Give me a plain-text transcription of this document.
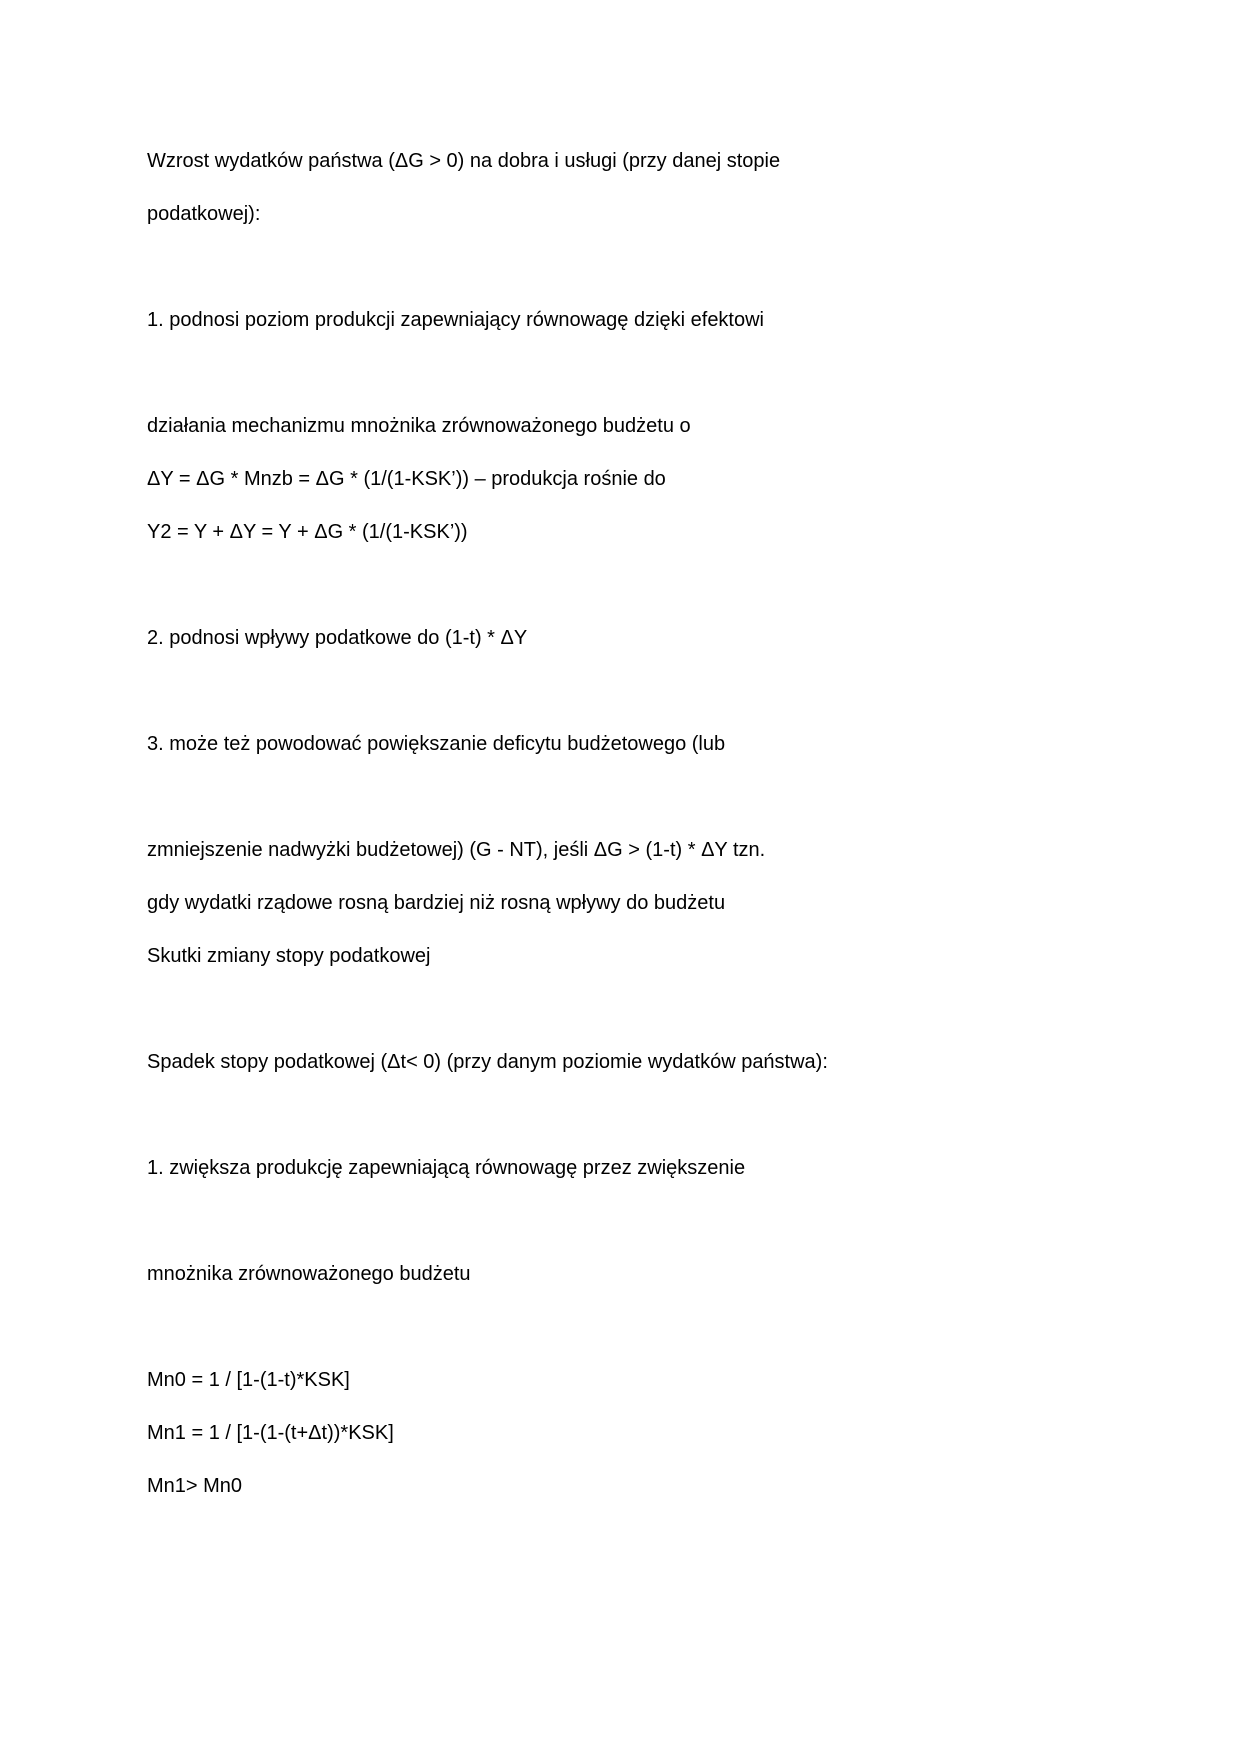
Wzrost wydatków państwa (ΔG > 0) na dobra i usługi (przy danej stopie
podatkowej):
1. podnosi poziom produkcji zapewniający równowagę dzięki efektowi
działania mechanizmu mnożnika zrównoważonego budżetu o
ΔY = ΔG * Mnzb = ΔG * (1/(1-KSK’)) – produkcja rośnie do
Y2 = Y + ΔY = Y + ΔG * (1/(1-KSK’))
2. podnosi wpływy podatkowe do (1-t) * ΔY
3. może też powodować powiększanie deficytu budżetowego (lub
zmniejszenie nadwyżki budżetowej) (G - NT), jeśli ΔG > (1-t) * ΔY tzn.
gdy wydatki rządowe rosną bardziej niż rosną wpływy do budżetu
Skutki zmiany stopy podatkowej
Spadek stopy podatkowej (Δt< 0) (przy danym poziomie wydatków państwa):
1. zwiększa produkcję zapewniającą równowagę przez zwiększenie
mnożnika zrównoważonego budżetu
Mn0 = 1 / [1-(1-t)*KSK]
Mn1 = 1 / [1-(1-(t+Δt))*KSK]
Mn1> Mn0
